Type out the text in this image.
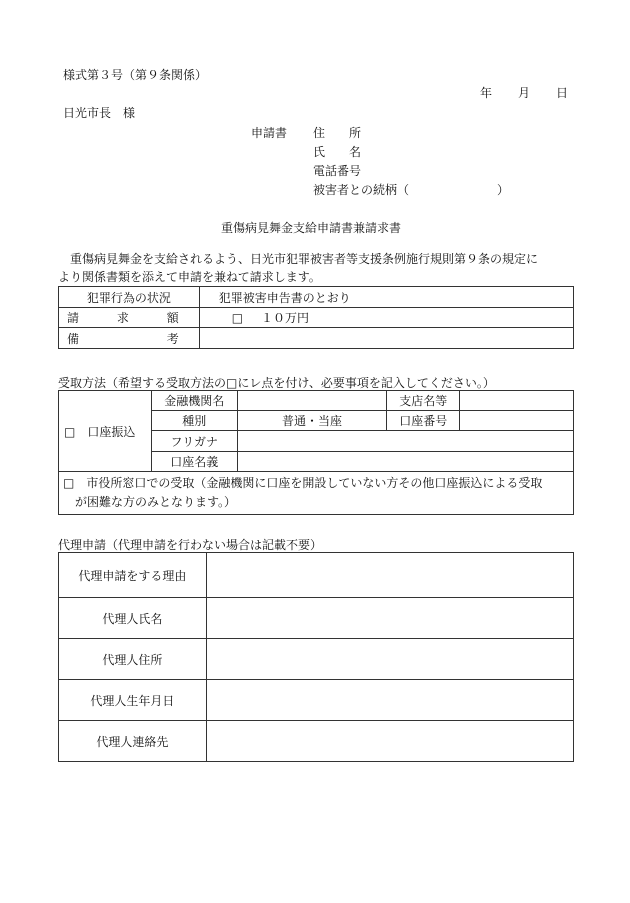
様式第３号（第９条関係）
年 月 日
日光市長　様
申請書 住　　所
氏　　名
電話番号
被害者との続柄（	）
重傷病見舞金支給申請書兼請求書
　重傷病見舞金を支給されるよう、日光市犯罪被害者等支援条例施行規則第９条の規定に
より関係書類を添えて申請を兼ねて請求します。
犯罪行為の状況	犯罪被害申告書のとおり

請 求 額	□ １０万円

備 考	

受取方法（希望する受取方法の□にレ点を付け、必要事項を記入してください。）
□　口座振込	金融機関名		支店名等	
	種別	普通・当座	口座番号	
	フリガナ			
	口座名義			

□　市役所窓口での受取（金融機関に口座を開設していない方その他口座振込による受取
　が困難な方のみとなります。）				
代理申請（代理申請を行わない場合は記載不要）
代理申請をする理由	
代理人氏名	
代理人住所	
代理人生年月日	
代理人連絡先	
